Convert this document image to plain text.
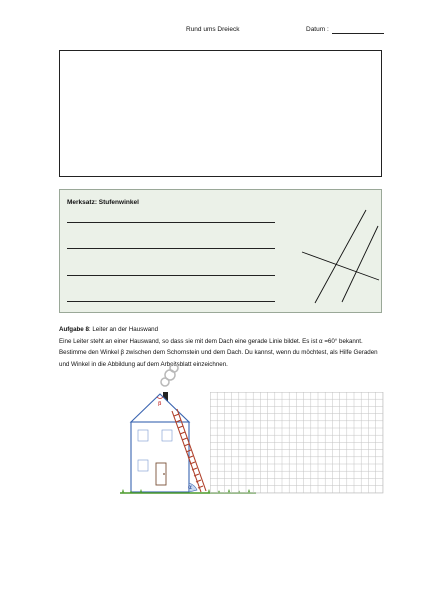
Rund ums Dreieck	Datum :
Merksatz: Stufenwinkel
Aufgabe 8: Leiter an der Hauswand
Eine Leiter steht an einer Hauswand, so dass sie mit dem Dach eine gerade Linie bildet. Es ist α =60° bekannt. Bestimme den Winkel β zwischen dem Schornstein und dem Dach. Du kannst, wenn du möchtest, als Hilfe Geraden und Winkel in die Abbildung auf dem Arbeitsblatt einzeichnen.
β
α
